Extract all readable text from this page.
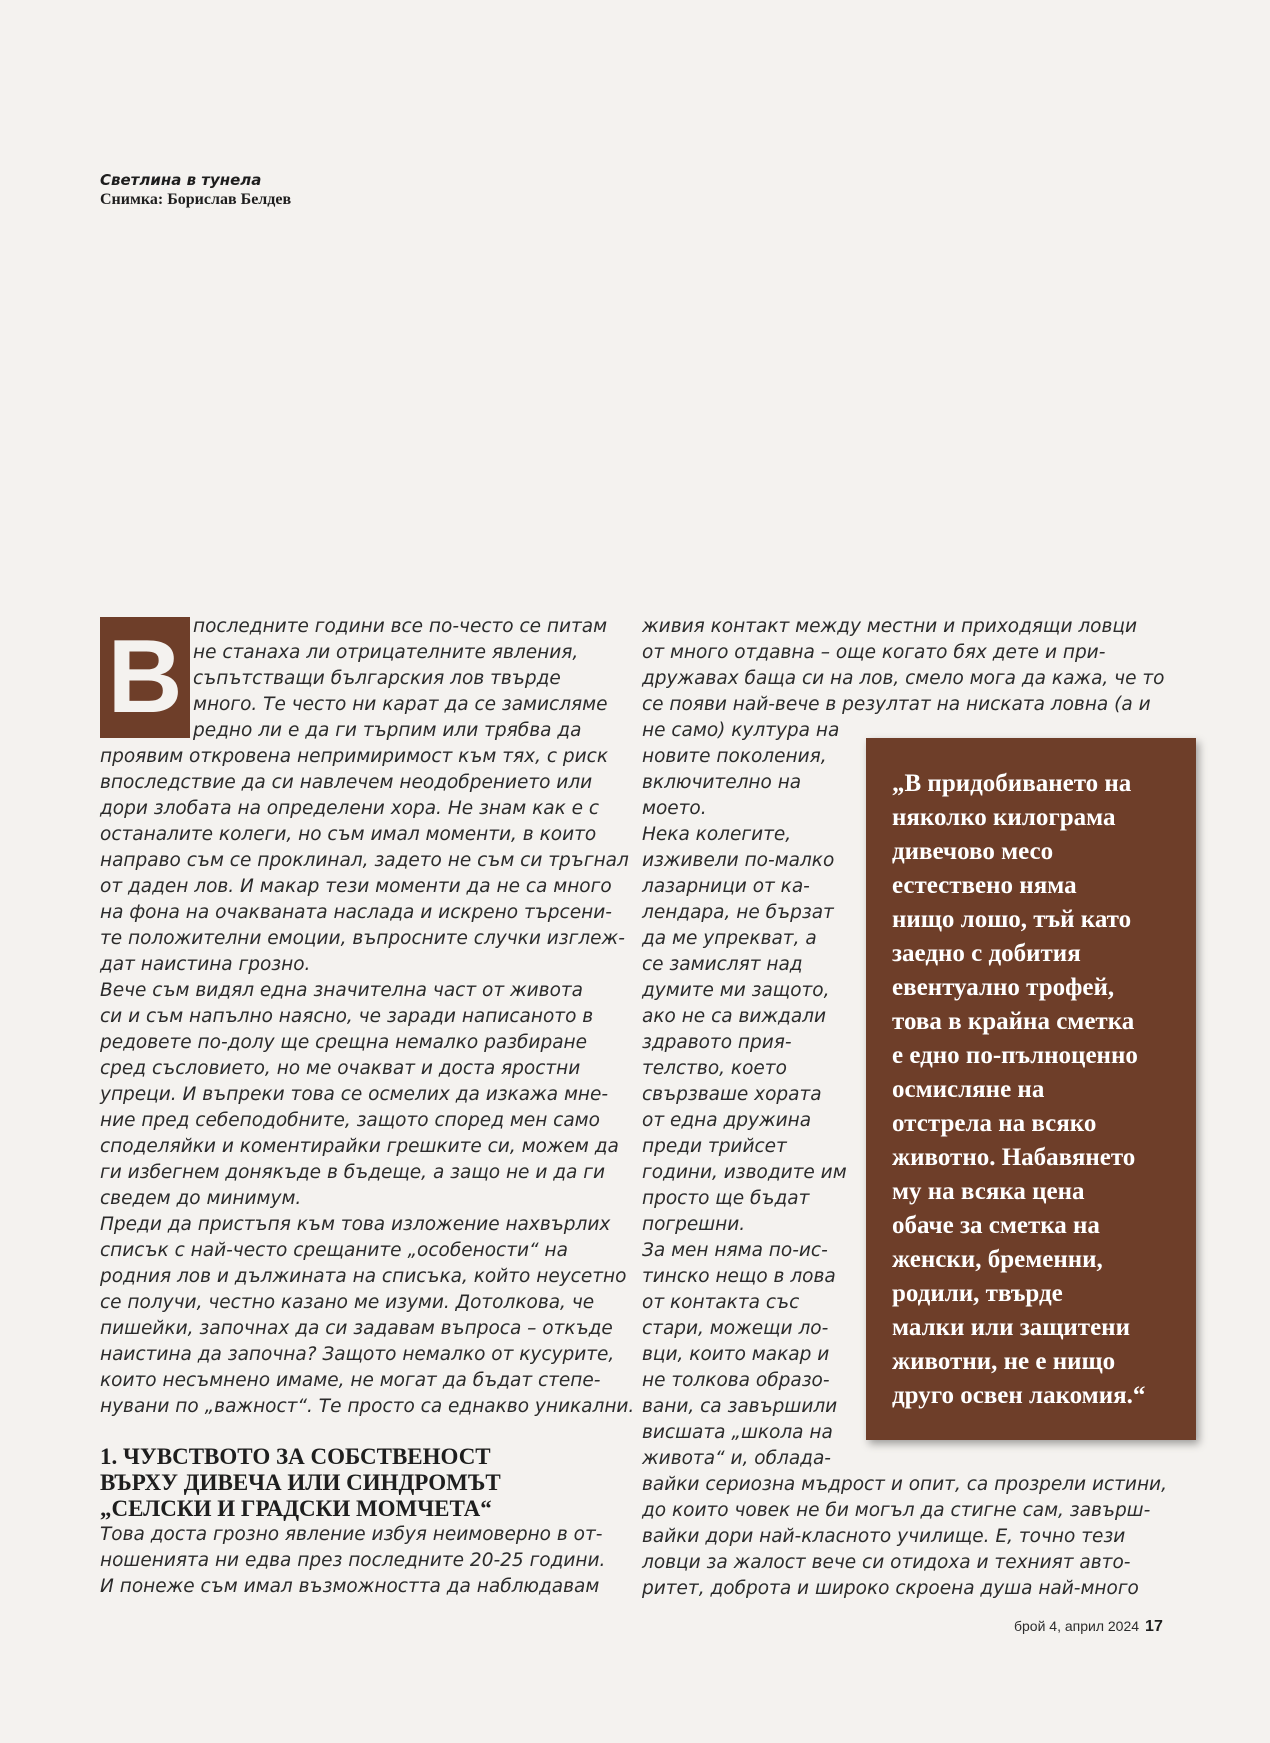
Светлина в тунела
Снимка: Борислав Белдев
В последните години все по-често се питам

не станаха ли отрицателните явления,

съпътстващи българския лов твърде

много. Те често ни карат да се замисляме

редно ли е да ги търпим или трябва да

проявим откровена непримиримост към тях, с риск

впоследствие да си навлечем неодобрението или

дори злобата на определени хора. Не знам как е с

останалите колеги, но съм имал моменти, в които

направо съм се проклинал, задето не съм си тръгнал

от даден лов. И макар тези моменти да не са много

на фона на очакваната наслада и искрено търсени-

те положителни емоции, въпросните случки изглеж-

дат наистина грозно.

Вече съм видял една значителна част от живота

си и съм напълно наясно, че заради написаното в

редовете по-долу ще срещна немалко разбиране

сред съсловието, но ме очакват и доста яростни

упреци. И въпреки това се осмелих да изкажа мне-

ние пред себеподобните, защото според мен само

споделяйки и коментирайки грешките си, можем да

ги избегнем донякъде в бъдеще, а защо не и да ги

сведем до минимум.

Преди да пристъпя към това изложение нахвърлих

списък с най-често срещаните „особености“ на

родния лов и дължината на списъка, който неусетно

се получи, честно казано ме изуми. Дотолкова, че

пишейки, започнах да си задавам въпроса – откъде

наистина да започна? Защото немалко от кусурите,

които несъмнено имаме, не могат да бъдат степе-

нувани по „важност“. Те просто са еднакво уникални.

1. ЧУВСТВОТО ЗА СОБСТВЕНОСТ
ВЪРХУ ДИВЕЧА ИЛИ СИНДРОМЪТ
„СЕЛСКИ И ГРАДСКИ МОМЧЕТА“

Това доста грозно явление избуя неимоверно в от-

ношенията ни едва през последните 20-25 години.

И понеже съм имал възможността да наблюдавам

живия контакт между местни и приходящи ловци

от много отдавна – още когато бях дете и при-

дружавах баща си на лов, смело мога да кажа, че то

се появи най-вече в резултат на ниската ловна (а и

не само) култура на

новите поколения,

включително на

моето.

Нека колегите,

изживели по-малко

лазарници от ка-

лендара, не бързат

да ме упрекват, а

се замислят над

думите ми защото,

ако не са виждали

здравото прия-

телство, което

свързваше хората

от една дружина

преди трийсет

години, изводите им

просто ще бъдат

погрешни.

За мен няма по-ис-

тинско нещо в лова

от контакта със

стари, можещи ло-

вци, които макар и

не толкова образо-

вани, са завършили

висшата „школа на

живота“ и, облада-

вайки сериозна мъдрост и опит, са прозрели истини,

до които човек не би могъл да стигне сам, завърш-

вайки дори най-класното училище. Е, точно тези

ловци за жалост вече си отидоха и техният авто-

ритет, доброта и широко скроена душа най-много

„В придобиването на
няколко килограма
дивечово месо
естествено няма
нищо лошо, тъй като
заедно с добития
евентуално трофей,
това в крайна сметка
е едно по-пълноценно
осмисляне на
отстрела на всяко
животно. Набавянето
му на всяка цена
обаче за сметка на
женски, бременни,
родили, твърде
малки или защитени
животни, не е нищо
друго освен лакомия.“
брой 4, април 2024 17
